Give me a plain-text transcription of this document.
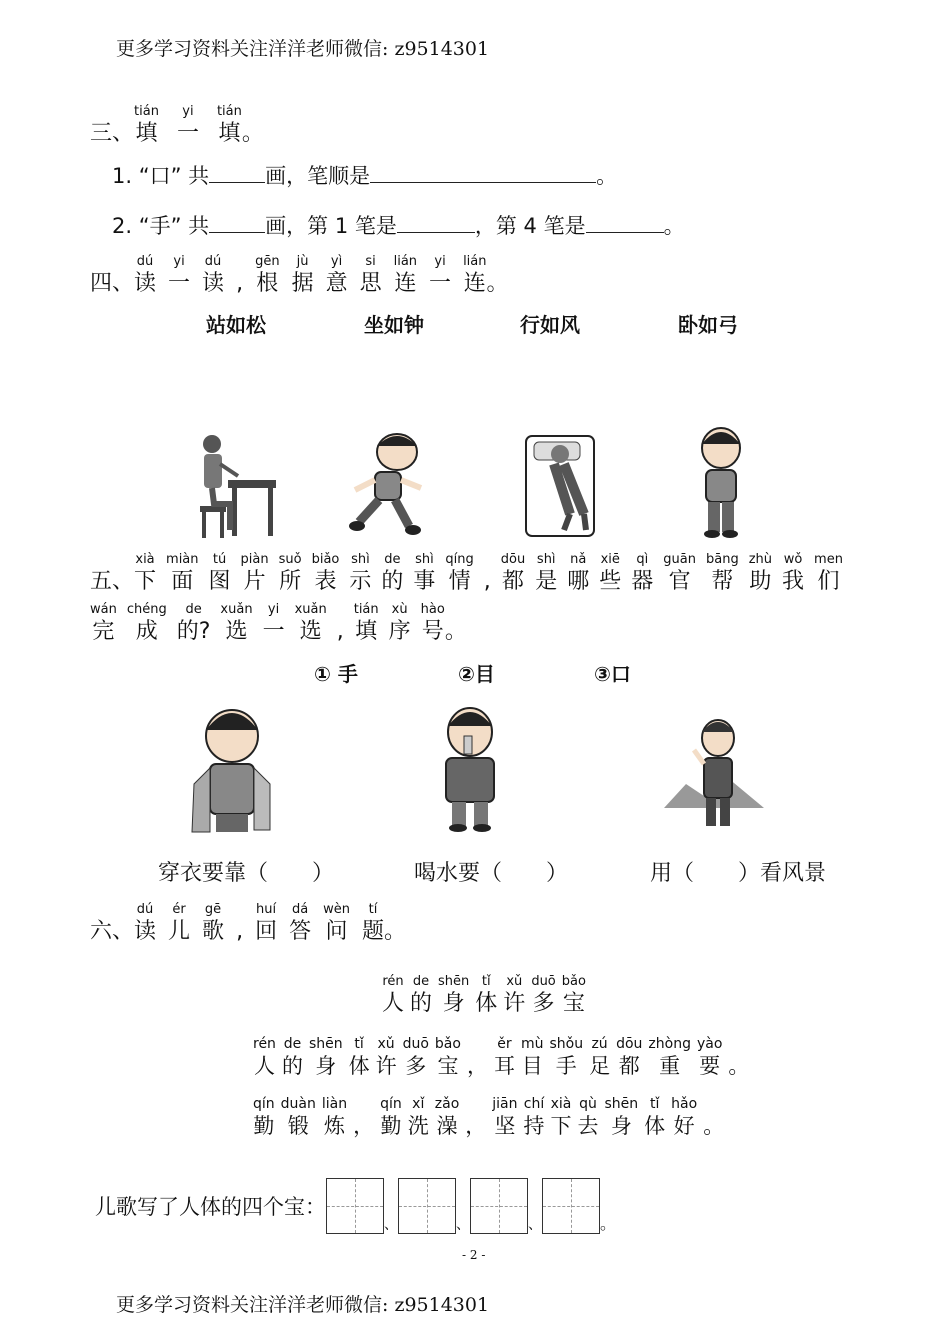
更多学习资料关注洋洋老师微信: z9514301
三、
tián
填
yi
一
tián
填 。
1. “口” 共	画，笔顺是	。
2. “手” 共	画，第 1 笔是	，第 4 笔是	。
四、
dú
读
yi
一
dú
读
,
gēn
根
jù
据
yì
意
si
思
lián
连
yi
一
lián
连 。
站如松	坐如钟	行如风	卧如弓
五、
xià
下
miàn
面
tú
图
piàn
片
suǒ
所
biǎo
表
shì
示
de
的
shì
事
qíng
情
,
dōu
都
shì
是
nǎ
哪
xiē
些
qì
器
guān
官
bāng
帮
zhù
助
wǒ
我
men
们
wán
完
chéng
成
de
的?
xuǎn
选
yi
一
xuǎn
选
,
tián
填
xù
序
hào
号 。
① 手	②目	③口
穿衣要靠（　　）	喝水要（　　）	用（　　）看风景
六、
dú
读
ér
儿
gē
歌
,
huí
回
dá
答
wèn
问
tí
题 。
rén
人
de
的
shēn
身
tǐ
体
xǔ
许
duō
多
bǎo
宝
rén
人
de
的
shēn
身
tǐ
体
xǔ
许
duō
多
bǎo
宝
，
ěr
耳
mù
目
shǒu
手
zú
足
dōu
都
zhòng
重
yào
要
。
qín
勤
duàn
锻
liàn
炼
，
qín
勤
xǐ
洗
zǎo
澡
，
jiān
坚
chí
持
xià
下
qù
去
shēn
身
tǐ
体
hǎo
好
。
儿歌写了人体的四个宝：
、	、	、	。
- 2 -
更多学习资料关注洋洋老师微信: z9514301
